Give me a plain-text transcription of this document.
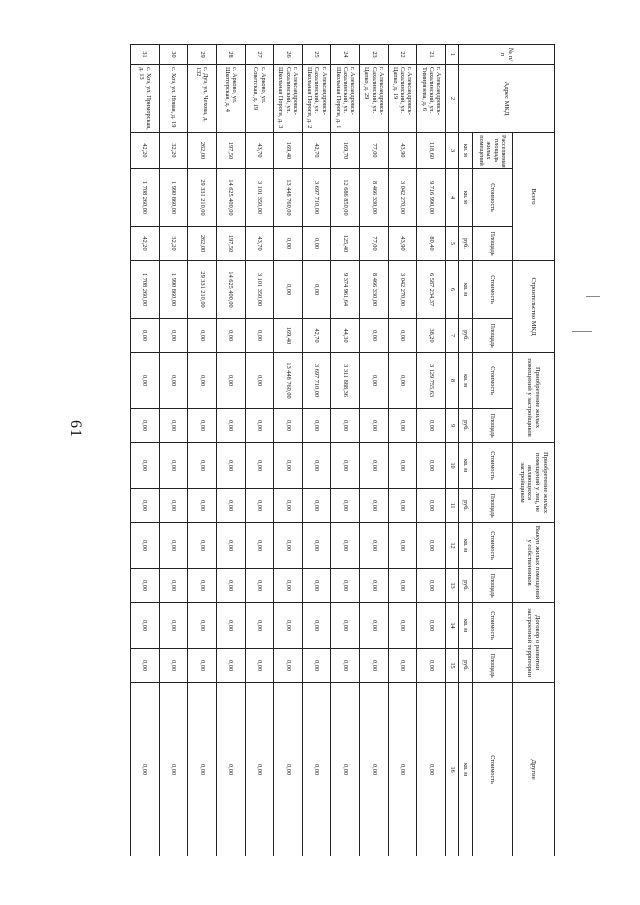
61
№ п/п	Адрес МКД	Всего			Строительство МКД		Приобретение жилых помещений у застройщиков		Приобретение жилых помещений у лиц, не являющихся застройщиком		Выкуп жилых помещений у собственников		Договор о развитии застроенной территории		Другие	
		Расселяемая площадь жилых помещений	Стоимость	Площадь	Стоимость	Площадь	Стоимость	Площадь	Стоимость	Площадь	Стоимость	Площадь	Стоимость	Площадь	Стоимость	
		кв. м	кв. м	руб.	кв. м	руб.	кв. м	руб.	кв. м	руб.	кв. м	руб.	кв. м	руб.	кв. м	
1	2	3	4	5	6	7	8	9	10	11	12	13	14	15	16	
21	г. Александровск-Сахалинский, ул. Тимирязева, д. 6	118,60	9 716 990,00	80,40	6 587 234,37	38,20	3 129 755,63	0,00	0,00	0,00	0,00	0,00	0,00	0,00	0,00	
22	г. Александровск-Сахалинский, ул. Цапко, д. 19	43,90	3 042 270,00	43,90	3 042 270,00	0,00	0,00	0,00	0,00	0,00	0,00	0,00	0,00	0,00	0,00	
23	г. Александровск-Сахалинский, ул. Цапко, д. 29	77,00	8 466 330,00	77,00	8 466 330,00	0,00	0,00	0,00	0,00	0,00	0,00	0,00	0,00	0,00	0,00	
24	г. Александровск-Сахалинский, ул. Школьная Пороги, д. 1	169,70	12 686 850,00	125,40	9 374 961,64	44,30	3 311 888,36	0,00	0,00	0,00	0,00	0,00	0,00	0,00	0,00	
25	г. Александровск-Сахалинский, ул. Школьная Пороги, д. 2	42,70	3 697 710,00	0,00	0,00	42,70	3 697 710,00	0,00	0,00	0,00	0,00	0,00	0,00	0,00	0,00	
26	г. Александровск-Сахалинский, ул. Школьная Пороги, д. 3	169,40	13 448 760,00	0,00	0,00	169,40	13 448 760,00	0,00	0,00	0,00	0,00	0,00	0,00	0,00	0,00	
27	с. Арково, ул. Советская, д. 19	43,70	3 101 350,00	43,70	3 101 350,00	0,00	0,00	0,00	0,00	0,00	0,00	0,00	0,00	0,00	0,00	
28	с. Арково, ул. Шкотерская, д. 4	197,50	14 625 400,00	197,50	14 625 400,00	0,00	0,00	0,00	0,00	0,00	0,00	0,00	0,00	0,00	0,00	
29	с. Дуэ, ул. Чехова, д. 132	262,00	29 331 210,00	262,00	29 331 210,00	0,00	0,00	0,00	0,00	0,00	0,00	0,00	0,00	0,00	0,00	
30	с. Хоэ, ул. Новая, д. 19	32,20	1 990 860,00	32,20	1 990 860,00	0,00	0,00	0,00	0,00	0,00	0,00	0,00	0,00	0,00	0,00	
31	с. Хоэ, ул. Приморская, д. 13	42,20	1 708 260,00	42,20	1 708 260,00	0,00	0,00	0,00	0,00	0,00	0,00	0,00	0,00	0,00	0,00	
